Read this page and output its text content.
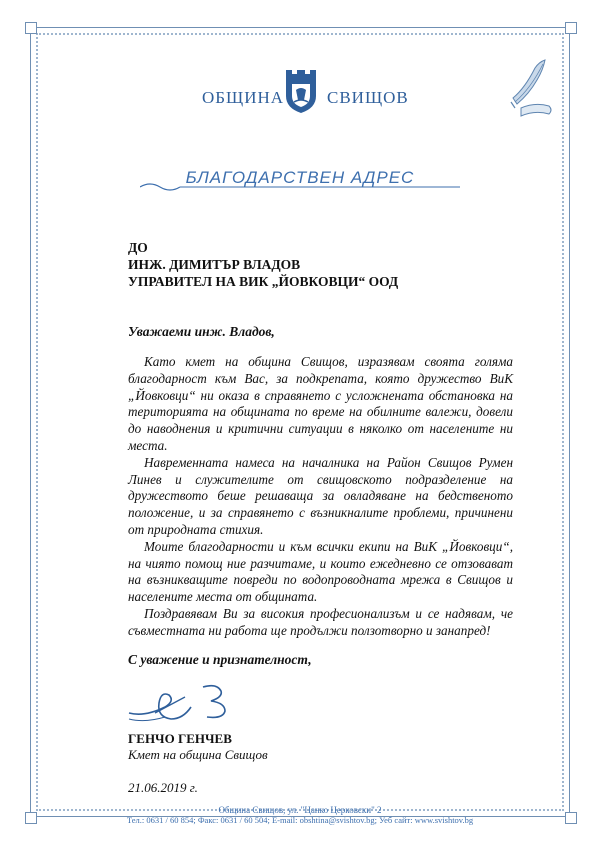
ОБЩИНА	СВИЩОВ
БЛАГОДАРСТВЕН АДРЕС
ДО
ИНЖ. ДИМИТЪР ВЛАДОВ
УПРАВИТЕЛ НА ВИК „ЙОВКОВЦИ“ ООД
Уважаеми инж. Владов,

Като кмет на община Свищов, изразявам своята голяма благодарност към Вас, за подкрепата, която дружество ВиК „Йовковци“ ни оказа в справянето с усложнената обстановка на територията на общината по време на обилните валежи, довели до наводнения и критични ситуации в няколко от населените ни места.

Навременната намеса на началника на Район Свищов Румен Линев и служителите от свищовското подразделение на дружеството беше решаваща за овладяване на бедственото положение, и за справянето с възникналите проблеми, причинени от природната стихия.

Моите благодарности и към всички екипи на ВиК „Йовковци“, на чиято помощ ние разчитаме, и които ежедневно се отзовават на възникващите повреди по водопроводната мрежа в Свищов и населените места от общината.

Поздравявам Ви за високия професионализъм и се надявам, че съвместната ни работа ще продължи ползотворно и занапред!

С уважение и признателност,
ГЕНЧО ГЕНЧЕВ
Кмет на община Свищов
21.06.2019 г.
Община Свищов, ул. "Цанко Церковски" 2
Тел.: 0631 / 60 854; Факс: 0631 / 60 504; E-mail: obshtina@svishtov.bg; Уеб сайт: www.svishtov.bg
